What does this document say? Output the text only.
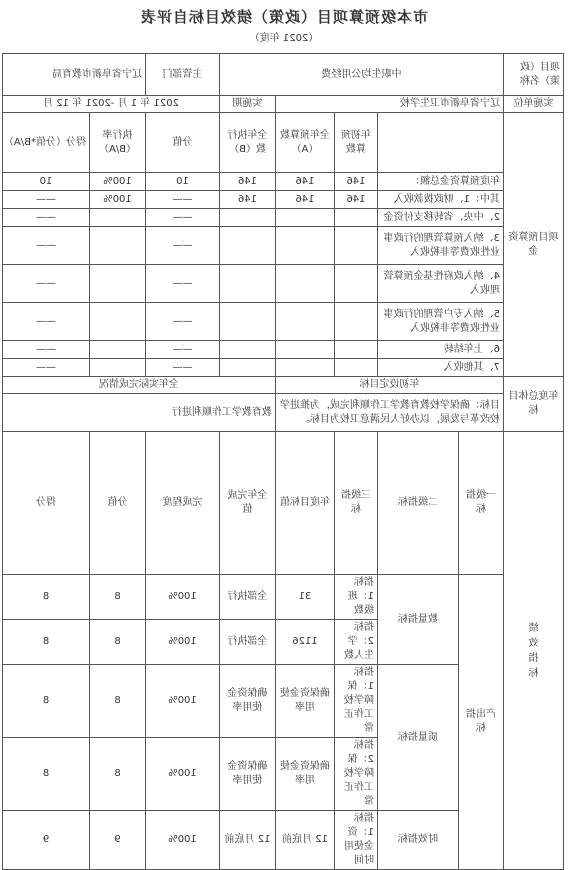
市本级预算项目（政策）绩效目标自评表
（2021 年度）
项目（政策）名称	中职生均公用经费					主管部门	辽宁省阜新市教育局		
实施单位	辽宁省阜新市卫生学校				实施期	2021 年 1 月 -2021 年 12 月			
项目预算资金			年初预算数	全年预算数（A）	全年执行数（B）	分值	执行率（B/A）	得分（分值*B/A）	
	年度预算资金总额：		146	146	146	10	100%	10	
	其中：1、财政拨款收入		146	146	146	——	100%	——	
	2、中央、省转移支付资金					——		——	
	3、纳入预算管理的行政事业性收费等非税收入					——		——	
	4、纳入政府性基金预算管理收入					——		——	
	5、纳入专户管理的行政事业性收费等非税收入					——		——	
	6、上年结转					——		——	
	7、其他收入					——		——	
年度总体目标	年初设定目标				全年实际完成情况				
	目标：确保学校教育教学工作顺利完成，为推进学校改革与发展，以办好人民满意卫校为目标。				教育教学工作顺利进行				
绩效指标	一级指标	二级指标	三级指标	年度目标值	全年完成值	完成程度	分值	得分	
	产出指标	数量指标	指标 1：班级数	31	全部执行	100%	8	8	
			指标 2：学生人数	1126	全部执行	100%	8	8	
		质量指标	指标 1：保障学校工作正常	确保资金使用率	确保资金使用率	100%	8	8	
			指标 2：保障学校工作正常	确保资金使用率	确保资金使用率	100%	8	8	
		时效指标	指标 1：资金使用时间	12 月底前	12 月底前	100%	9	9	
